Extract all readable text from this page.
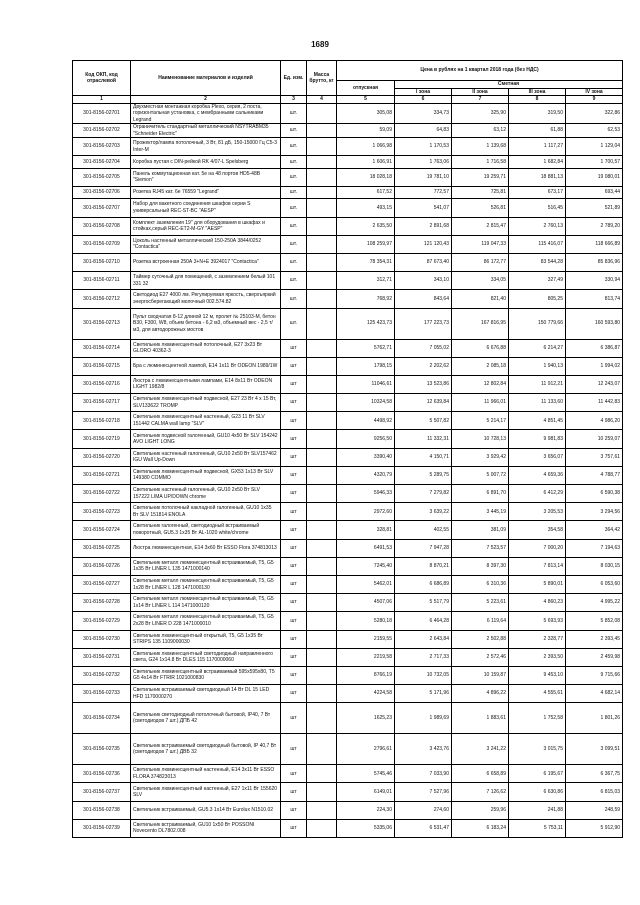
1689
Код ОКП, код отраслевой	Наименование материалов и изделий	Ед. изм.	Масса брутто, кг	Цена в рублях на 1 квартал 2018 года (без НДС)				
				отпускная	Сметная			
					I зона	II зона	III зона	IV зона
1	2	3	4	5	6	7	8	9
301-8156-02701	Двухместная монтажная коробка Plexo, серия, 2 поста, горизонтальная установка, с мембранными сальниками Legrand	шт.		305,08	334,73	325,90	319,50	322,86
301-8156-02702	Ограничитель стандартный металлический NSYTRABM35 "Schneider Electric"	шт.		59,09	64,83	63,12	61,88	62,53
301-8156-02703	Прожектор/лампа потолочный, 3 Вт, 81 дБ, 150-15000 Гц C5-3 Inter-M	шт.		1 066,98	1 170,53	1 139,68	1 117,27	1 129,04
301-8156-02704	Коробка пустая с DIN-рейкой RK 4/07-L Spelsberg	шт.		1 606,91	1 763,06	1 716,58	1 682,84	1 700,57
301-8156-02705	Панель коммутационная кат. 5е на 48 портов HD5-48B "Siemon"	шт.		18 028,18	19 781,10	19 259,71	18 881,13	19 080,01
301-8156-02706	Розетка RJ45 кат. 6е 76559 "Legrand"	шт.		617,52	772,57	725,81	673,17	693,44
301-8156-02707	Набор для вакетного соединения шкафов серии S универсальный REC-ST-BC "AESP"	шт.		493,15	541,07	526,81	516,45	521,89
301-8156-02708	Комплект заземления 19" для оборудования в шкафах и стойках,серый REC-ET2-M-GY "AESP"	шт.		2 635,50	2 891,68	2 815,47	2 760,13	2 789,20
301-8156-02709	Цоколь настенный металлический 150-250А 3844/0252 "Contactica"	шт.		108 259,97	121 120,43	119 047,33	115 416,07	118 666,89
301-8156-02710	Розетка встроенная 250А 3+N+E 3924017 "Contactica"	шт.		78 354,31	87 673,40	86 172,77	83 544,28	85 836,96
301-8156-02711	Таймер суточный для помещений, с заземлением белый 101 331 32	шт.		312,71	343,10	334,05	327,49	330,94
301-8156-02712	Светодиод E27 4000 лм. Регулируемая яркость, сверхъяркий энергосберегающий молочный 002.574.82	шт.		768,92	843,64	821,40	805,25	813,74
301-8156-02713	Пульт сводчатая 8-12 длиной 12 м, пролет № 25103-М, бетон В30, F300, W8, объем бетона - 6,2 м3, объемный вес - 2,5 т/м3, для автодорожных мостов	шт.		125 423,73	177 223,73	167 816,95	150 779,66	160 593,80
301-8156-02714	Светильник люминесцентный потолочный, E27 3х23 Вт GLORO 40362-3	шт		5762,71	7 055,02	6 676,88	6 214,27	6 386,87
301-8156-02715	Бра с люминесцентной лампой, E14 1х11 Вт ODEON 1989/1W	шт		1798,15	2 202,62	2 085,18	1 940,13	1 994,02
301-8156-02716	Люстра с люминесцентными лампами, E14 8х11 Вт ODEON LIGHT 1982/8	шт		11046,61	13 523,86	12 802,84	11 912,21	12 243,07
301-8156-02717	Светильник люминесцентный подвесной, E27 23 Вт 4 х 15 Вт, SLV133622 TROMP	шт		10324,58	12 639,84	11 966,01	11 133,60	11 442,83
301-8156-02718	Светильник люминесцентный настенный, G23 11 Вт SLV 151442 CALMA wall lamp "SLV"	шт		4498,92	5 507,82	5 214,17	4 851,45	4 986,20
301-8156-02719	Светильник подвесной галогенный, GU10 4х50 Вт SLV 154242 AVO LIGHT LONG	шт		9256,50	11 332,31	10 728,13	9 981,83	10 259,07
301-8156-02720	Светильник настенный галогенный, GU10 2х50 Вт SLV157462 IGU Wall Up-Down	шт		3390,40	4 150,71	3 929,42	3 656,07	3 757,61
301-8156-02721	Светильник люминесцентный подвесной, GX53 1х13 Вт SLV 149380 COMMO	шт		4320,79	5 289,75	5 007,72	4 659,36	4 788,77
301-8156-02722	Светильник настенный галогенный, GU10 2х50 Вт SLV 157222 LIMA UP/DOWN chrome	шт		5946,33	7 279,82	6 891,70	6 412,29	6 590,38
301-8156-02723	Светильник потолочный накладной галогенный, GU10 1х35 Вт SLV 151814 ENOLA	шт		2972,60	3 639,22	3 445,19	3 205,53	3 294,56
301-8156-02724	Светильник галогенный, светодиодный встраиваемый поворотный, GU5.3 1х35 Вт AL-1020 white/chrome	шт		328,81	402,55	381,09	354,58	364,42
301-8156-02725	Люстра люминесцентная, E14 3х60 Вт ESSO Flora 374813013	шт		6491,53	7 947,28	7 523,57	7 000,20	7 194,63
301-8156-02726	Светильник металл люминесцентный встраиваемый, T5, G5 1х35 Вт LINER L 135 1471000140	шт		7245,40	8 870,21	8 397,30	7 813,14	8 030,15
301-8156-02727	Светильник металл люминесцентный встраиваемый, T5, G5 1х28 Вт LINER L 128 1471000130	шт		5462,01	6 686,89	6 310,36	5 890,01	6 053,60
301-8156-02728	Светильник металл люминесцентный встраиваемый, T5, G5 1х14 Вт LINER L 114 1471000120	шт		4507,06	5 517,79	5 223,61	4 860,23	4 995,22
301-8156-02729	Светильник металл люминесцентный встраиваемый, T5, G5 2х28 Вт LINER D 228 1471000010	шт		5280,18	6 464,28	6 119,64	5 693,93	5 852,08
301-8156-02730	Светильник люминесцентный открытый, T5, G5 1х35 Вт STRIPS 135 1109000030	шт		2159,55	2 643,84	2 502,88	2 328,77	2 393,45
301-8156-02731	Светильник люминесцентный светодиодный направленного света, G24 1х14.8 Вт DLES 115 1170000060	шт		2219,58	2 717,33	2 572,46	2 393,50	2 459,98
301-8156-02732	Светильник люминесцентный встраиваемый 595х595х80, T5 G5 4х14 Вт FTRIR 1021000830	шт		8766,19	10 732,05	10 159,87	9 453,10	9 715,66
301-8156-02733	Светильник встраиваемый светодиодный 14 Вт DL 15 LED HFD 1170000270	шт		4224,58	5 171,96	4 896,22	4 555,61	4 682,14
301-8156-02734	Светильник светодиодный потолочный бытовой, IP40, 7 Вт (светодиодов 7 шт.) ДПБ 42	шт		1625,23	1 989,69	1 883,61	1 752,58	1 801,26
301-8156-02735	Светильник встраиваемый светодиодный бытовой, IP 40,7 Вт (светодиодов 7 шт.) ДВБ 32	шт		2796,61	3 423,76	3 241,22	3 015,75	3 099,51
301-8156-02736	Светильник люминесцентный настенный, E14 3х11 Вт ESSO FLORA 374823013	шт		5745,46	7 033,90	6 658,89	6 195,67	6 367,75
301-8156-02737	Светильник люминесцентный настенный, E27 1х11 Вт 155620 SLV	шт		6149,01	7 527,96	7 126,62	6 630,86	6 815,03
301-8156-02738	Светильник встраиваемый, GU5.3 1х14 Вт Eurolux N1510.02	шт		224,30	274,60	259,96	241,88	248,59
301-8156-02739	Светильник встраиваемый, GU10 1х50 Вт POSSONI Novecento DL7802.008	шт		5335,06	6 531,47	6 183,24	5 753,11	5 912,90
